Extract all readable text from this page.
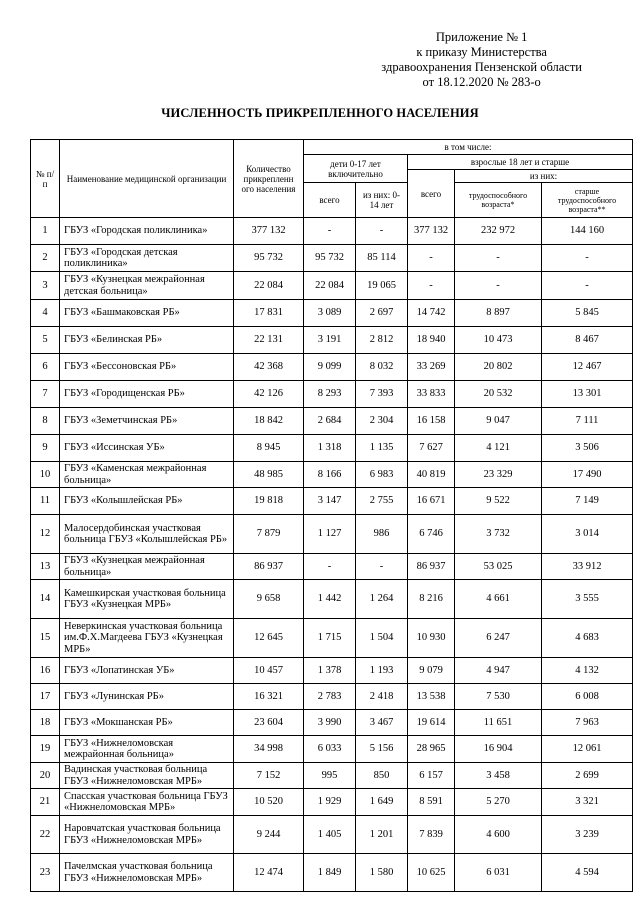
Приложение № 1
к приказу Министерства
здравоохранения Пензенской области
от 18.12.2020 № 283-о
ЧИСЛЕННОСТЬ ПРИКРЕПЛЕННОГО НАСЕЛЕНИЯ
№ п/п	Наименование медицинской организации	Количество прикрепленн ого населения	в том числе:				
			дети 0-17 лет включительно		взрослые 18 лет и старше		
					всего	из них:	
			всего	из них: 0-14 лет		трудоспособного возраста*	старше трудоспособного возраста**
1	ГБУЗ «Городская поликлиника»	377 132	-	-	377 132	232 972	144 160
2	ГБУЗ «Городская детская поликлиника»	95 732	95 732	85 114	-	-	-
3	ГБУЗ «Кузнецкая межрайонная детская больница»	22 084	22 084	19 065	-	-	-
4	ГБУЗ «Башмаковская РБ»	17 831	3 089	2 697	14 742	8 897	5 845
5	ГБУЗ «Белинская РБ»	22 131	3 191	2 812	18 940	10 473	8 467
6	ГБУЗ «Бессоновская РБ»	42 368	9 099	8 032	33 269	20 802	12 467
7	ГБУЗ «Городищенская РБ»	42 126	8 293	7 393	33 833	20 532	13 301
8	ГБУЗ «Земетчинская РБ»	18 842	2 684	2 304	16 158	9 047	7 111
9	ГБУЗ «Иссинская УБ»	8 945	1 318	1 135	7 627	4 121	3 506
10	ГБУЗ «Каменская межрайонная больница»	48 985	8 166	6 983	40 819	23 329	17 490
11	ГБУЗ «Колышлейская РБ»	19 818	3 147	2 755	16 671	9 522	7 149
12	Малосердобинская участковая больница ГБУЗ «Колышлейская РБ»	7 879	1 127	986	6 746	3 732	3 014
13	ГБУЗ «Кузнецкая межрайонная больница»	86 937	-	-	86 937	53 025	33 912
14	Камешкирская участковая больница ГБУЗ «Кузнецкая МРБ»	9 658	1 442	1 264	8 216	4 661	3 555
15	Неверкинская участковая больница им.Ф.Х.Магдеева ГБУЗ «Кузнецкая МРБ»	12 645	1 715	1 504	10 930	6 247	4 683
16	ГБУЗ «Лопатинская УБ»	10 457	1 378	1 193	9 079	4 947	4 132
17	ГБУЗ «Лунинская РБ»	16 321	2 783	2 418	13 538	7 530	6 008
18	ГБУЗ «Мокшанская РБ»	23 604	3 990	3 467	19 614	11 651	7 963
19	ГБУЗ «Нижнеломовская межрайонная больница»	34 998	6 033	5 156	28 965	16 904	12 061
20	Вадинская участковая больница ГБУЗ «Нижнеломовская МРБ»	7 152	995	850	6 157	3 458	2 699
21	Спасская участковая больница ГБУЗ «Нижнеломовская МРБ»	10 520	1 929	1 649	8 591	5 270	3 321
22	Наровчатская участковая больница ГБУЗ «Нижнеломовская МРБ»	9 244	1 405	1 201	7 839	4 600	3 239
23	Пачелмская участковая больница ГБУЗ «Нижнеломовская МРБ»	12 474	1 849	1 580	10 625	6 031	4 594
